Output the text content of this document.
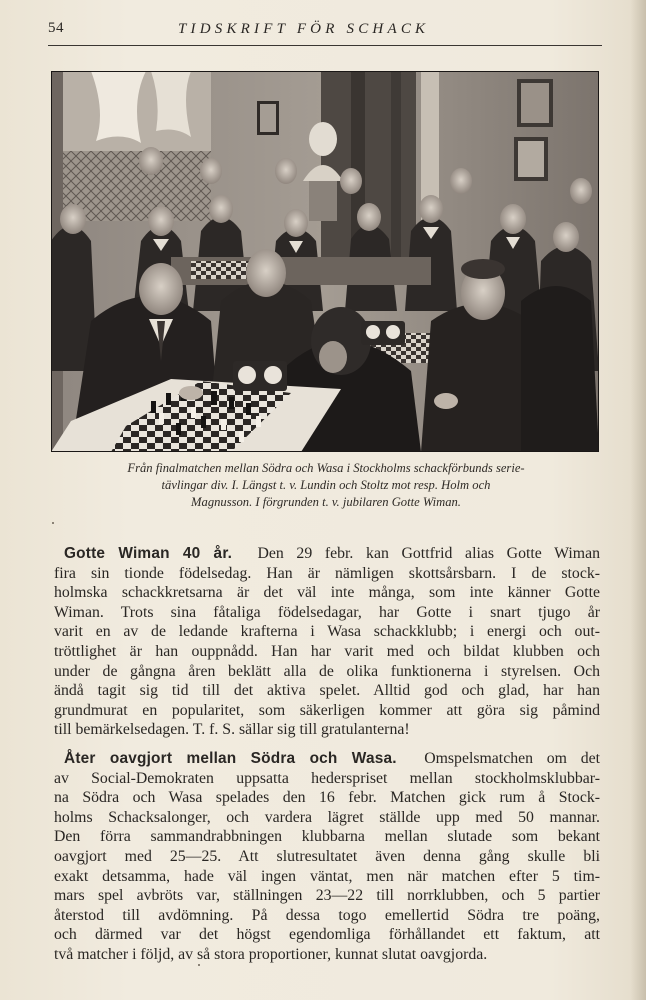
54	TIDSKRIFT FÖR SCHACK
Från finalmatchen mellan Södra och Wasa i Stockholms schackförbunds serie-
tävlingar div. I. Längst t. v. Lundin och Stoltz mot resp. Holm och
Magnusson. I förgrunden t. v. jubilaren Gotte Wiman.
Gotte Wiman 40 år. Den 29 febr. kan Gottfrid alias Gotte Wiman
fira sin tionde födelsedag. Han är nämligen skottsårsbarn. I de stock-
holmska schackkretsarna är det väl inte många, som inte känner Gotte
Wiman. Trots sina fåtaliga födelsedagar, har Gotte i snart tjugo år
varit en av de ledande krafterna i Wasa schackklubb; i energi och out-
tröttlighet är han ouppnådd. Han har varit med och bildat klubben och
under de gångna åren beklätt alla de olika funktionerna i styrelsen. Och
ändå tagit sig tid till det aktiva spelet. Alltid god och glad, har han
grundmurat en popularitet, som säkerligen kommer att göra sig påmind
till bemärkelsedagen. T. f. S. sällar sig till gratulanterna!
Åter oavgjort mellan Södra och Wasa. Omspelsmatchen om det
av Social-Demokraten uppsatta hederspriset mellan stockholmsklubbar-
na Södra och Wasa spelades den 16 febr. Matchen gick rum å Stock-
holms Schacksalonger, och vardera lägret ställde upp med 50 mannar.
Den förra sammandrabbningen klubbarna mellan slutade som bekant
oavgjort med 25—25. Att slutresultatet även denna gång skulle bli
exakt detsamma, hade väl ingen väntat, men när matchen efter 5 tim-
mars spel avbröts var, ställningen 23—22 till norrklubben, och 5 partier
återstod till avdömning. På dessa togo emellertid Södra tre poäng,
och därmed var det högst egendomliga förhållandet ett faktum, att
två matcher i följd, av så stora proportioner, kunnat slutat oavgjorda.
